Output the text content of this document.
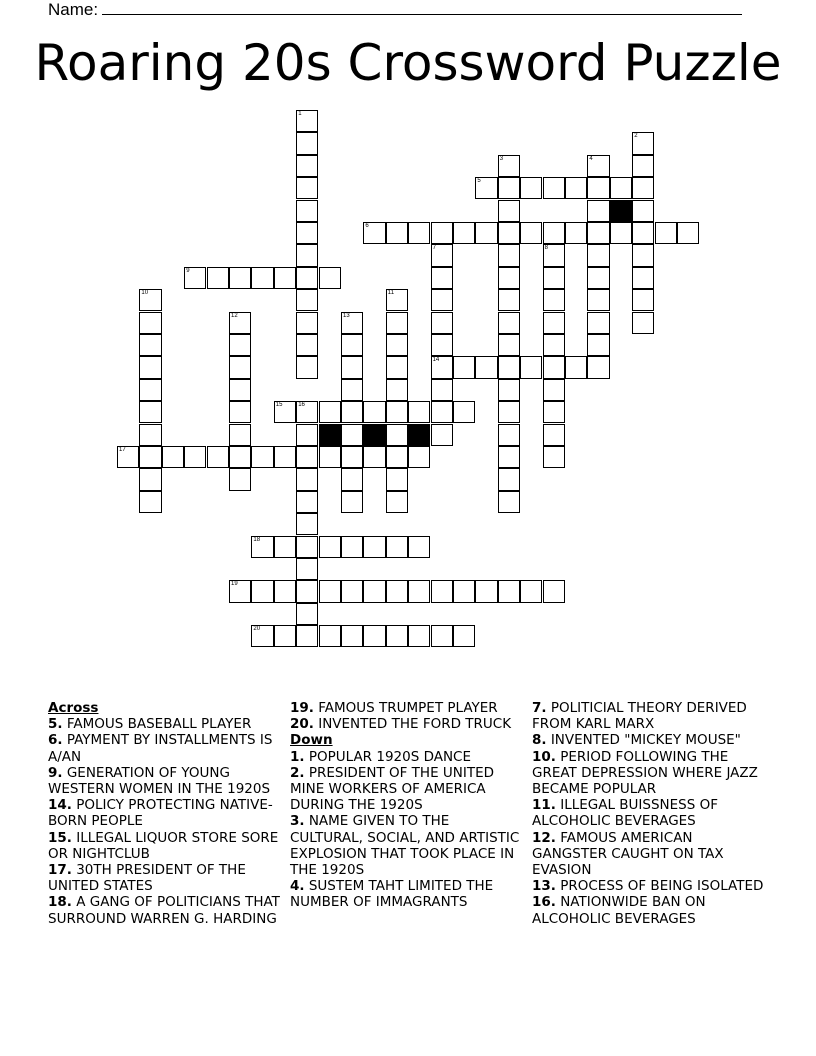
Name:
Roaring 20s Crossword Puzzle
1
2
3	4
5
6
7	8
9
10	11
12	13
14
15	16
17
18
19
20
Across
5. FAMOUS BASEBALL PLAYER
6. PAYMENT BY INSTALLMENTS IS A/AN
9. GENERATION OF YOUNG WESTERN WOMEN IN THE 1920S
14. POLICY PROTECTING NATIVE-BORN PEOPLE
15. ILLEGAL LIQUOR STORE SORE OR NIGHTCLUB
17. 30TH PRESIDENT OF THE UNITED STATES
18. A GANG OF POLITICIANS THAT SURROUND WARREN G. HARDING
19. FAMOUS TRUMPET PLAYER
20. INVENTED THE FORD TRUCK
Down
1. POPULAR 1920S DANCE
2. PRESIDENT OF THE UNITED MINE WORKERS OF AMERICA DURING THE 1920S
3. NAME GIVEN TO THE CULTURAL, SOCIAL, AND ARTISTIC EXPLOSION THAT TOOK PLACE IN THE 1920S
4. SUSTEM TAHT LIMITED THE NUMBER OF IMMAGRANTS
7. POLITICIAL THEORY DERIVED FROM KARL MARX
8. INVENTED "MICKEY MOUSE"
10. PERIOD FOLLOWING THE GREAT DEPRESSION WHERE JAZZ BECAME POPULAR
11. ILLEGAL BUISSNESS OF ALCOHOLIC BEVERAGES
12. FAMOUS AMERICAN GANGSTER CAUGHT ON TAX EVASION
13. PROCESS OF BEING ISOLATED
16. NATIONWIDE BAN ON ALCOHOLIC BEVERAGES
